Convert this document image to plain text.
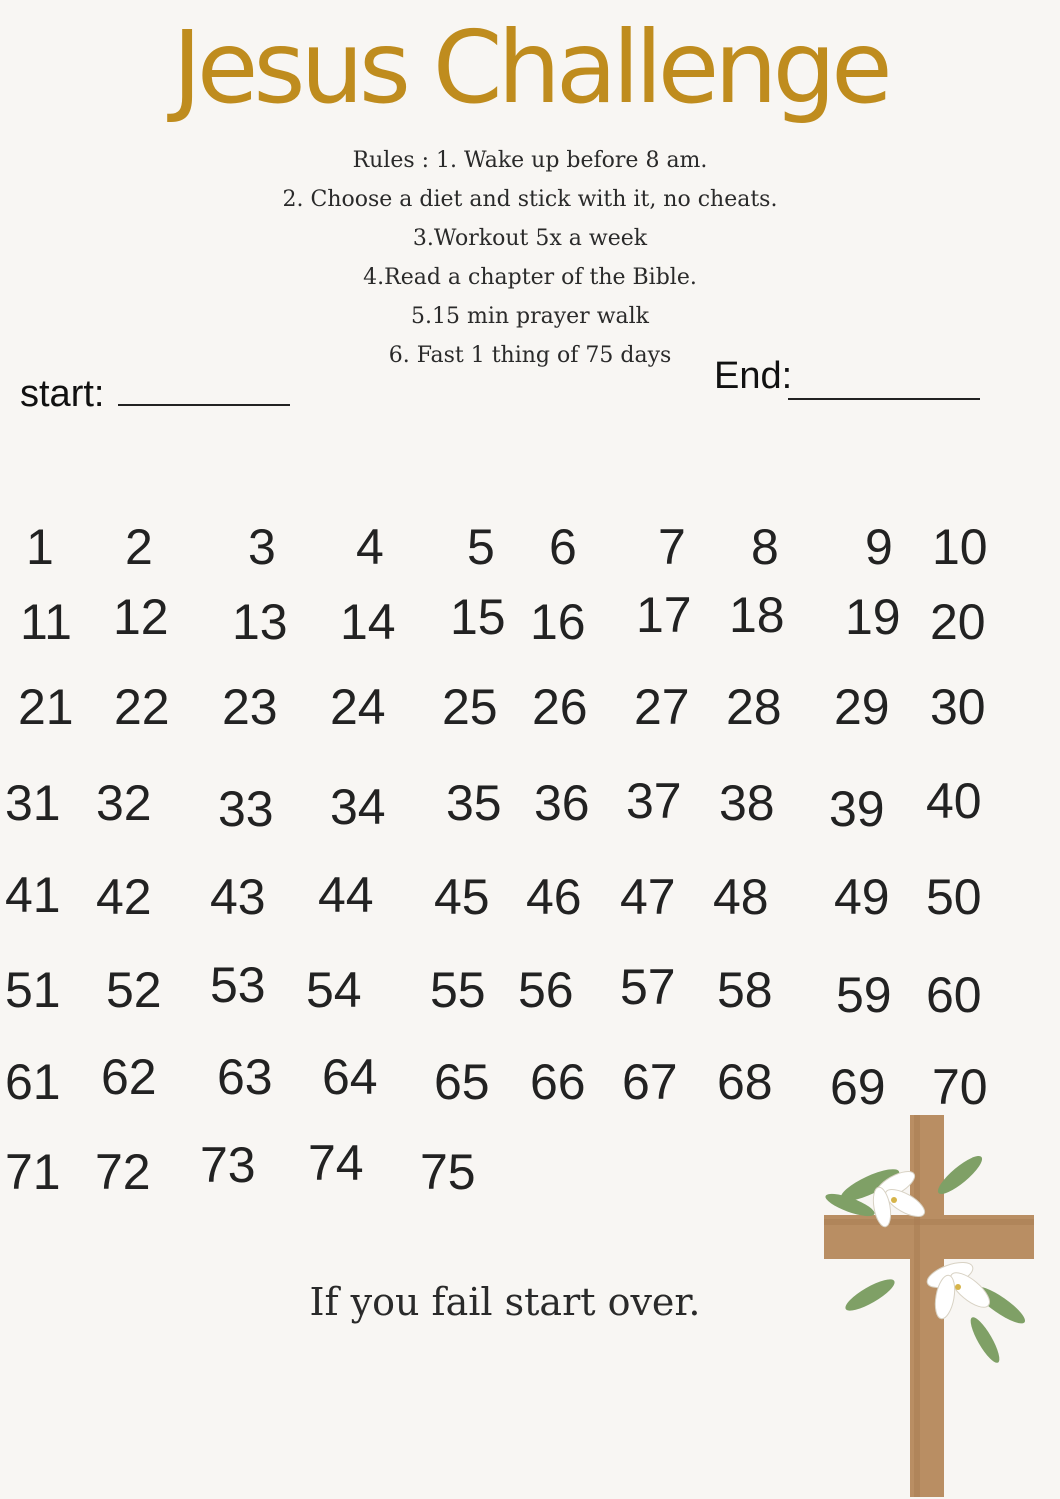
Jesus Challenge
Rules : 1. Wake up before 8 am.
2. Choose a diet and stick with it, no cheats.
3.Workout 5x a week
4.Read a chapter of the Bible.
5.15 min prayer walk
6. Fast 1 thing of 75 days
start:	End:
1 2 3 4 5 6 7 8 9 10
11 12 13 14 15 16 17 18 19 20
21 22 23 24 25 26 27 28 29 30
31 32 33 34 35 36 37 38 39 40
41 42 43 44 45 46 47 48 49 50
51 52 53 54 55 56 57 58 59 60
61 62 63 64 65 66 67 68 69 70
71 72 73 74 75
If you fail start over.
